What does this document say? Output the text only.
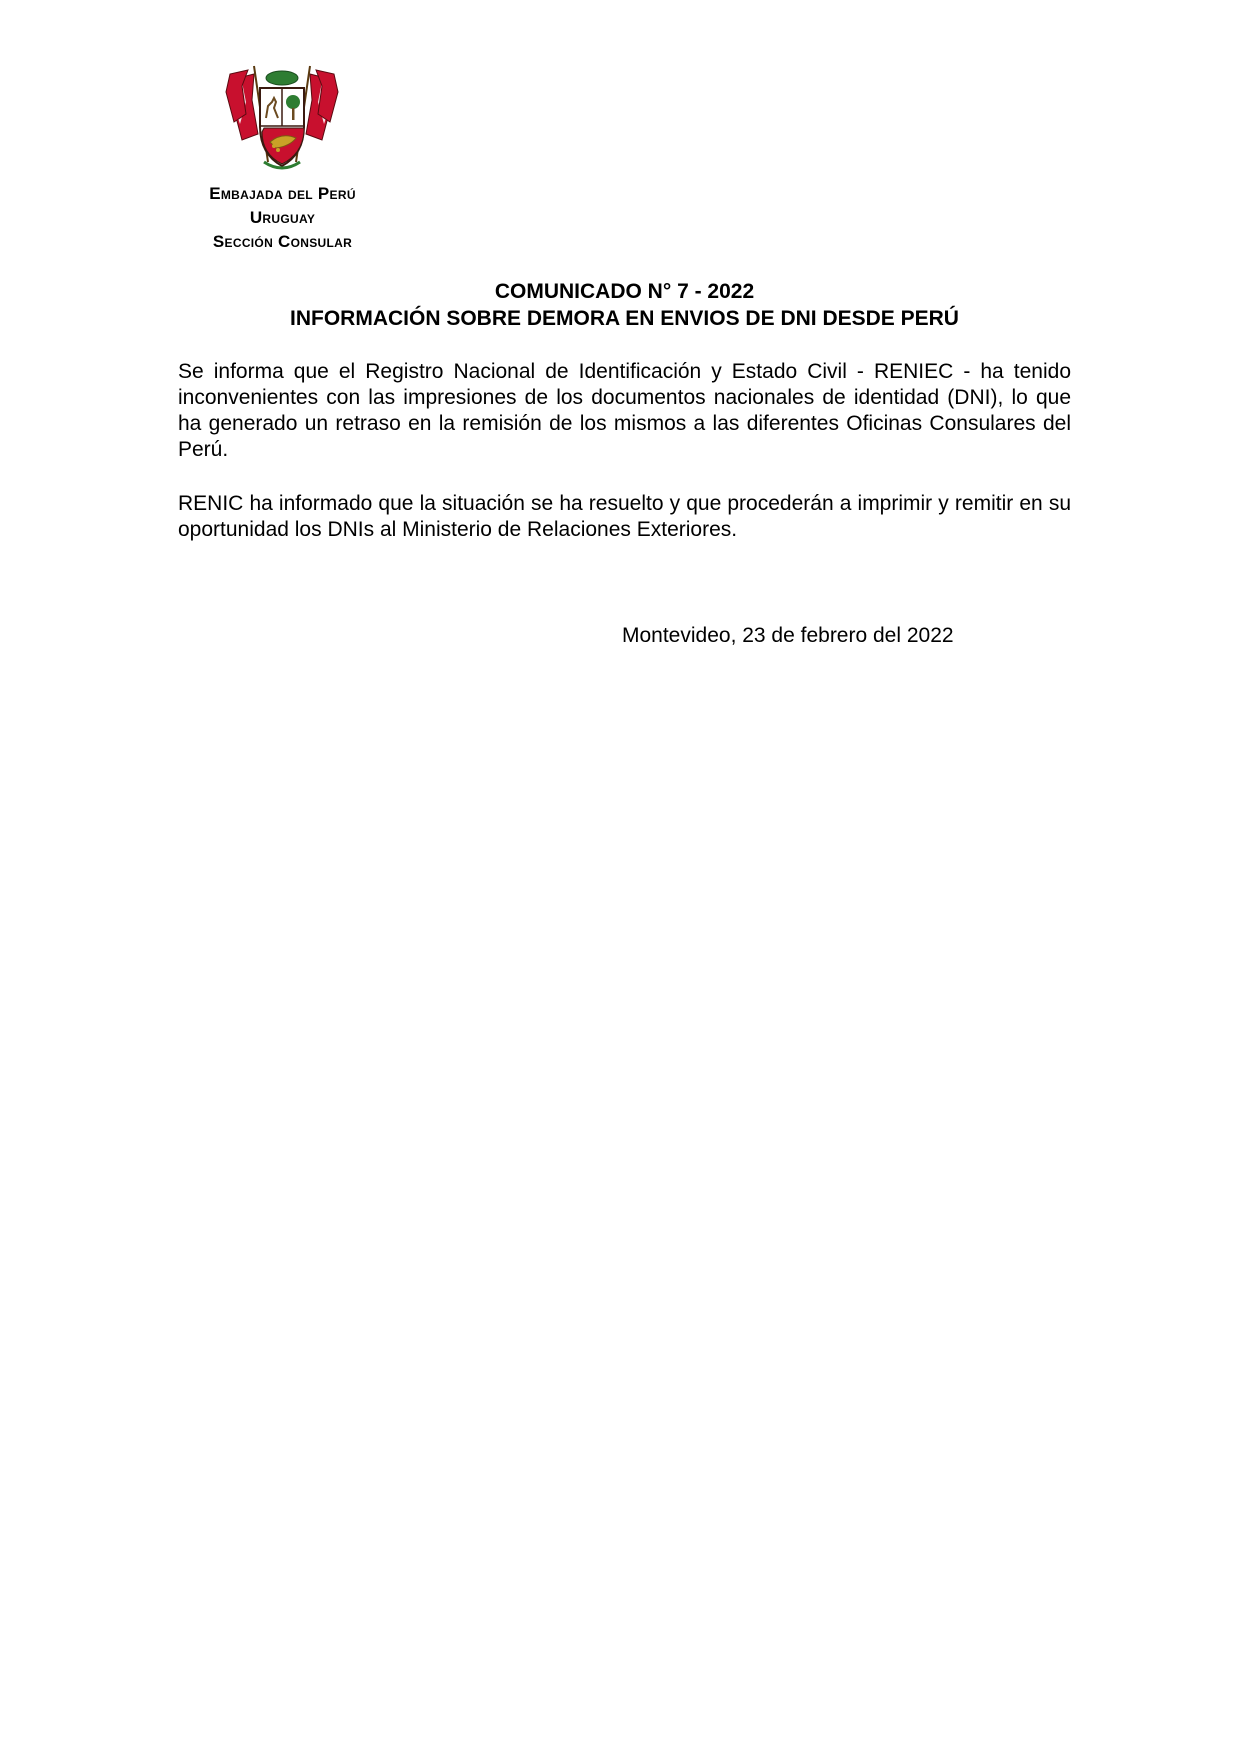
Embajada del Perú
Uruguay
Sección Consular
COMUNICADO N° 7 - 2022
INFORMACIÓN SOBRE DEMORA EN ENVIOS DE DNI DESDE PERÚ

Se informa que el Registro Nacional de Identificación y Estado Civil - RENIEC - ha tenido inconvenientes con las impresiones de los documentos nacionales de identidad (DNI), lo que ha generado un retraso en la remisión de los mismos a las diferentes Oficinas Consulares del Perú.

RENIC ha informado que la situación se ha resuelto y que procederán a imprimir y remitir en su oportunidad los DNIs al Ministerio de Relaciones Exteriores.

Montevideo, 23 de febrero del 2022
